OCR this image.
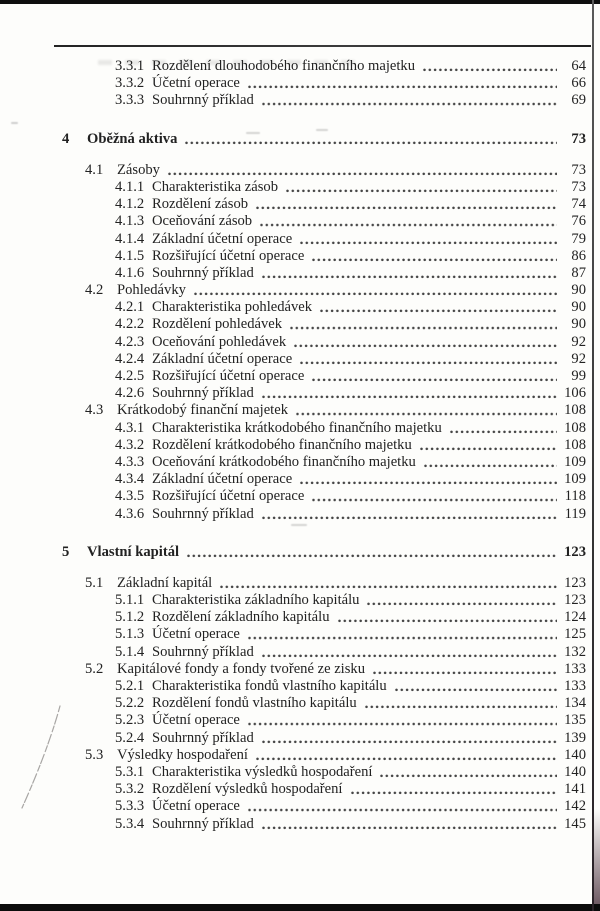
3.3.1 Rozdělení dlouhodobého finančního majetku	64
3.3.2 Účetní operace	66
3.3.3 Souhrnný příklad	69
4	Oběžná aktiva	73
4.1 Zásoby	73
4.1.1 Charakteristika zásob	73
4.1.2 Rozdělení zásob	74
4.1.3 Oceňování zásob	76
4.1.4 Základní účetní operace	79
4.1.5 Rozšiřující účetní operace	86
4.1.6 Souhrnný příklad	87
4.2 Pohledávky	90
4.2.1 Charakteristika pohledávek	90
4.2.2 Rozdělení pohledávek	90
4.2.3 Oceňování pohledávek	92
4.2.4 Základní účetní operace	92
4.2.5 Rozšiřující účetní operace	99
4.2.6 Souhrnný příklad	106
4.3 Krátkodobý finanční majetek	108
4.3.1 Charakteristika krátkodobého finančního majetku	108
4.3.2 Rozdělení krátkodobého finančního majetku	108
4.3.3 Oceňování krátkodobého finančního majetku	109
4.3.4 Základní účetní operace	109
4.3.5 Rozšiřující účetní operace	118
4.3.6 Souhrnný příklad	119
5	Vlastní kapitál	123
5.1 Základní kapitál	123
5.1.1 Charakteristika základního kapitálu	123
5.1.2 Rozdělení základního kapitálu	124
5.1.3 Účetní operace	125
5.1.4 Souhrnný příklad	132
5.2 Kapitálové fondy a fondy tvořené ze zisku	133
5.2.1 Charakteristika fondů vlastního kapitálu	133
5.2.2 Rozdělení fondů vlastního kapitálu	134
5.2.3 Účetní operace	135
5.2.4 Souhrnný příklad	139
5.3 Výsledky hospodaření	140
5.3.1 Charakteristika výsledků hospodaření	140
5.3.2 Rozdělení výsledků hospodaření	141
5.3.3 Účetní operace	142
5.3.4 Souhrnný příklad	145
